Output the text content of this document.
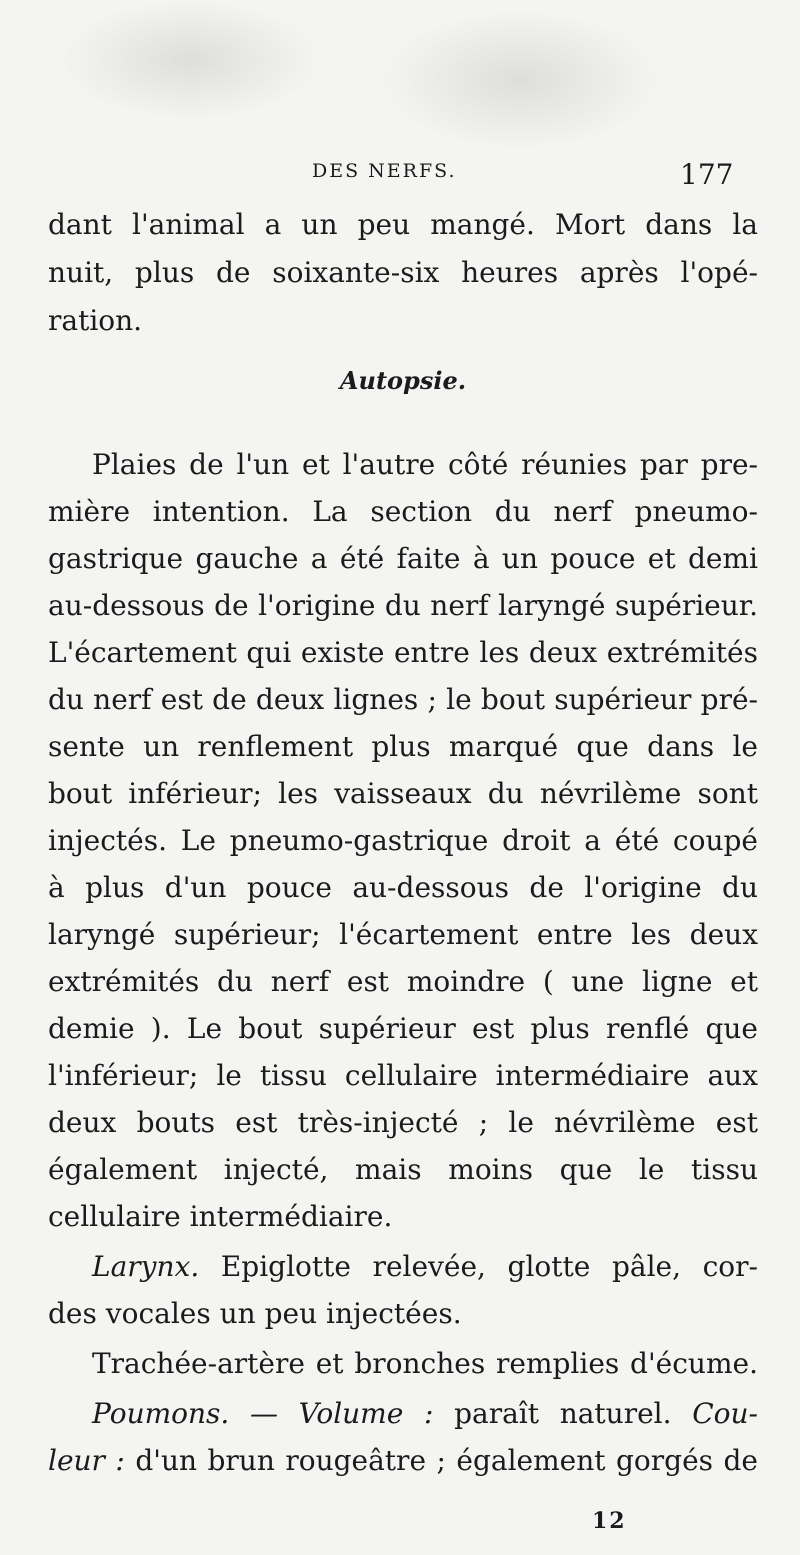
DES NERFS.	177
dant l'animal a un peu mangé. Mort dans la
nuit, plus de soixante-six heures après l'opé-
ration.
Autopsie.
Plaies de l'un et l'autre côté réunies par pre-
mière intention. La section du nerf pneumo-
gastrique gauche a été faite à un pouce et demi
au-dessous de l'origine du nerf laryngé supérieur.
L'écartement qui existe entre les deux extrémités
du nerf est de deux lignes ; le bout supérieur pré-
sente un renflement plus marqué que dans le
bout inférieur; les vaisseaux du névrilème sont
injectés. Le pneumo-gastrique droit a été coupé
à plus d'un pouce au-dessous de l'origine du
laryngé supérieur; l'écartement entre les deux
extrémités du nerf est moindre ( une ligne et
demie ). Le bout supérieur est plus renflé que
l'inférieur; le tissu cellulaire intermédiaire aux
deux bouts est très-injecté ; le névrilème est
également injecté, mais moins que le tissu
cellulaire intermédiaire.
Larynx. Epiglotte relevée, glotte pâle, cor-
des vocales un peu injectées.
Trachée-artère et bronches remplies d'écume.
Poumons. — Volume : paraît naturel. Cou-
leur : d'un brun rougeâtre ; également gorgés de
12
